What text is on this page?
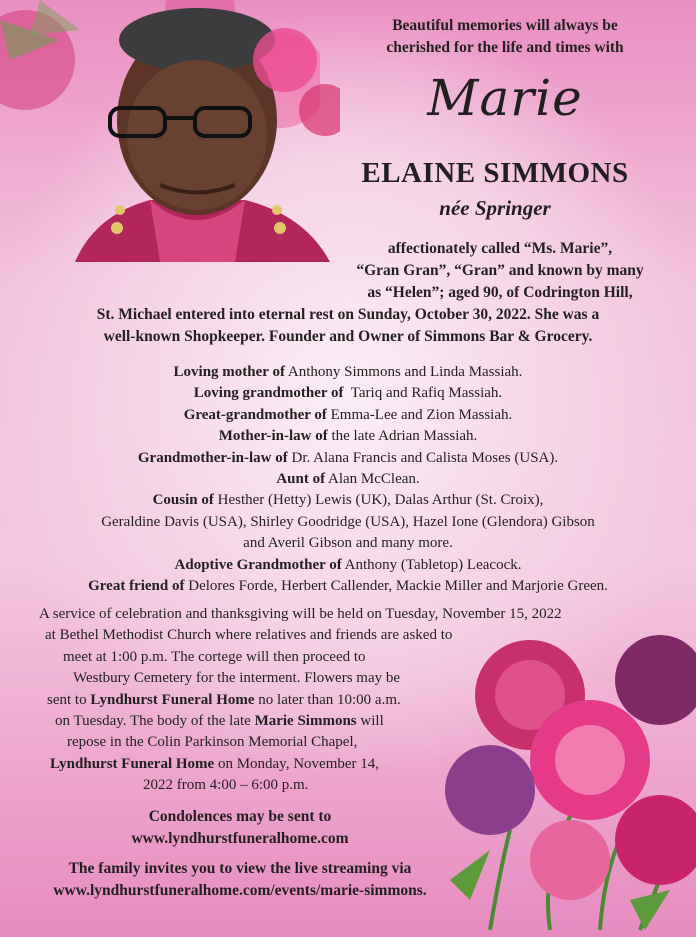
Beautiful memories will always be
cherished for the life and times with
Marie
ELAINE SIMMONS
née Springer
affectionately called “Ms. Marie”,
“Gran Gran”, “Gran” and known by many
as “Helen”; aged 90, of Codrington Hill,
St. Michael entered into eternal rest on Sunday, October 30, 2022. She was a
well-known Shopkeeper. Founder and Owner of Simmons Bar & Grocery.
Loving mother of Anthony Simmons and Linda Massiah.
Loving grandmother of  Tariq and Rafiq Massiah.
Great-grandmother of Emma-Lee and Zion Massiah.
Mother-in-law of the late Adrian Massiah.
Grandmother-in-law of Dr. Alana Francis and Calista Moses (USA).
Aunt of Alan McClean.
Cousin of Hesther (Hetty) Lewis (UK), Dalas Arthur (St. Croix),
Geraldine Davis (USA), Shirley Goodridge (USA), Hazel Ione (Glendora) Gibson
and Averil Gibson and many more.
Adoptive Grandmother of Anthony (Tabletop) Leacock.
Great friend of Delores Forde, Herbert Callender, Mackie Miller and Marjorie Green.
A service of celebration and thanksgiving will be held on Tuesday, November 15, 2022
at Bethel Methodist Church where relatives and friends are asked to
meet at 1:00 p.m. The cortege will then proceed to
Westbury Cemetery for the interment. Flowers may be
sent to Lyndhurst Funeral Home no later than 10:00 a.m.
on Tuesday. The body of the late Marie Simmons will
repose in the Colin Parkinson Memorial Chapel,
Lyndhurst Funeral Home on Monday, November 14,
2022 from 4:00 – 6:00 p.m.
Condolences may be sent to
www.lyndhurstfuneralhome.com
The family invites you to view the live streaming via
www.lyndhurstfuneralhome.com/events/marie-simmons.
